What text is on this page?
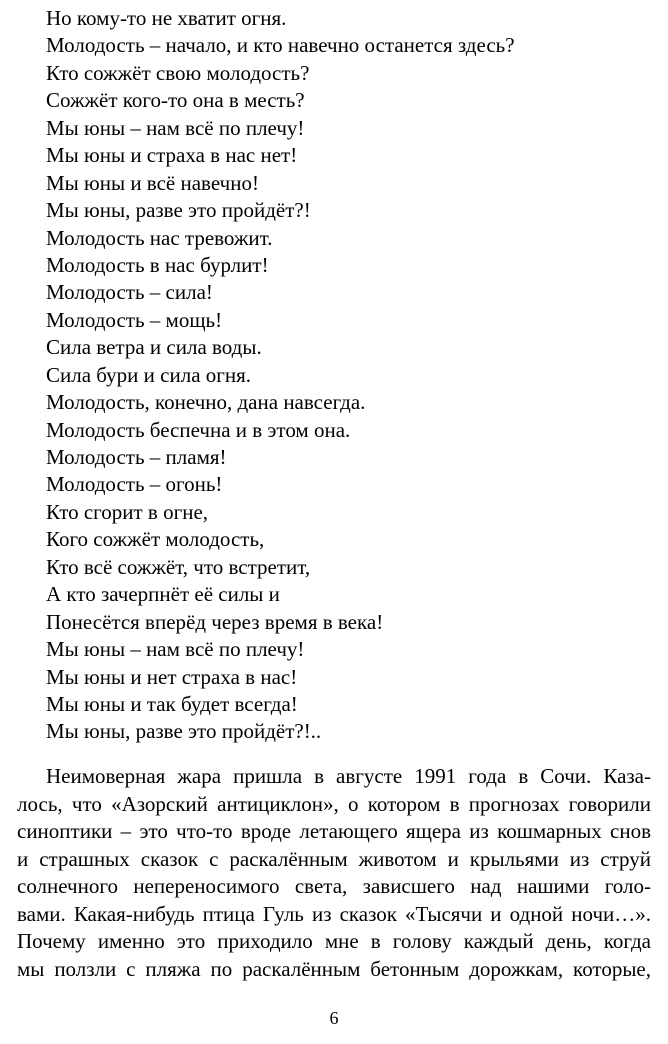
Но кому-то не хватит огня.
Молодость – начало, и кто навечно останется здесь?
Кто сожжёт свою молодость?
Сожжёт кого-то она в месть?
Мы юны – нам всё по плечу!
Мы юны и страха в нас нет!
Мы юны и всё навечно!
Мы юны, разве это пройдёт?!
Молодость нас тревожит.
Молодость в нас бурлит!
Молодость – сила!
Молодость – мощь!
Сила ветра и сила воды.
Сила бури и сила огня.
Молодость, конечно, дана навсегда.
Молодость беспечна и в этом она.
Молодость – пламя!
Молодость – огонь!
Кто сгорит в огне,
Кого сожжёт молодость,
Кто всё сожжёт, что встретит,
А кто зачерпнёт её силы и
Понесётся вперёд через время в века!
Мы юны – нам всё по плечу!
Мы юны и нет страха в нас!
Мы юны и так будет всегда!
Мы юны, разве это пройдёт?!..
Неимоверная жара пришла в августе 1991 года в Сочи. Каза-
лось, что «Азорский антициклон», о котором в прогнозах говорили
синоптики – это что-то вроде летающего ящера из кошмарных снов
и страшных сказок с раскалённым животом и крыльями из струй
солнечного непереносимого света, зависшего над нашими голо-
вами. Какая-нибудь птица Гуль из сказок «Тысячи и одной ночи…».
Почему именно это приходило мне в голову каждый день, когда
мы ползли с пляжа по раскалённым бетонным дорожкам, которые,
6
